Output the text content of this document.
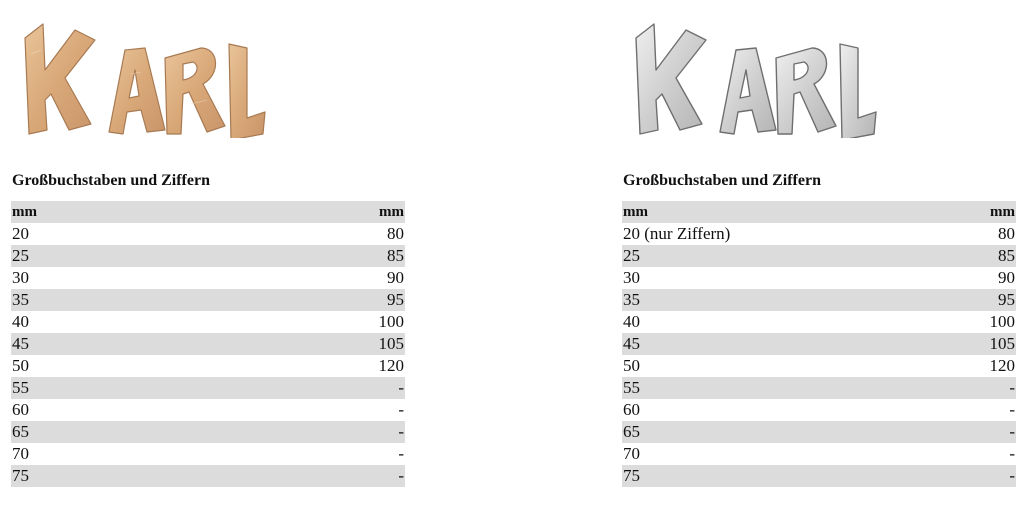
Großbuchstaben und Ziffern
mm	mm
20	80
25	85
30	90
35	95
40	100
45	105
50	120
55	-
60	-
65	-
70	-
75	-
Großbuchstaben und Ziffern
mm	mm
20 (nur Ziffern)	80
25	85
30	90
35	95
40	100
45	105
50	120
55	-
60	-
65	-
70	-
75	-
